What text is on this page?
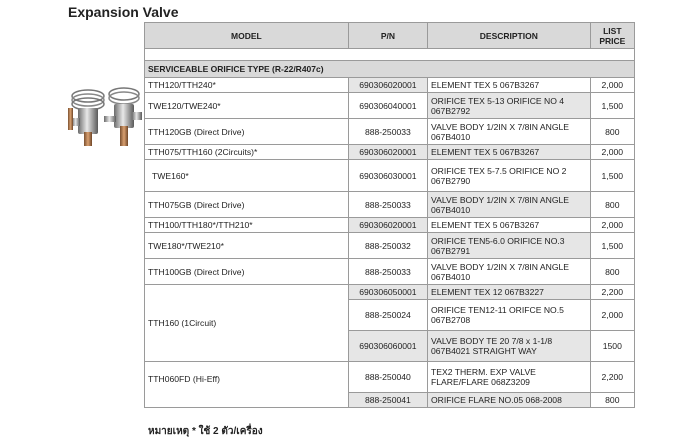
Expansion Valve
MODEL	P/N	DESCRIPTION	LIST PRICE

SERVICEABLE ORIFICE TYPE (R-22/R407c)			
TTH120/TTH240*	690306020001	ELEMENT TEX 5 067B3267	2,000
TWE120/TWE240*	690306040001	ORIFICE TEX 5-13 ORIFICE NO 4 067B2792	1,500
TTH120GB (Direct Drive)	888-250033	VALVE BODY 1/2IN X 7/8IN ANGLE 067B4010	800
TTH075/TTH160 (2Circuits)*	690306020001	ELEMENT TEX 5 067B3267	2,000
TWE160*	690306030001	ORIFICE TEX 5-7.5 ORIFICE NO 2 067B2790	1,500
TTH075GB (Direct Drive)	888-250033	VALVE BODY 1/2IN X 7/8IN ANGLE 067B4010	800
TTH100/TTH180*/TTH210*	690306020001	ELEMENT TEX 5 067B3267	2,000
TWE180*/TWE210*	888-250032	ORIFICE TEN5-6.0 ORIFICE NO.3 067B2791	1,500
TTH100GB (Direct Drive)	888-250033	VALVE BODY 1/2IN X 7/8IN ANGLE 067B4010	800
TTH160 (1Circuit)	690306050001	ELEMENT TEX 12 067B3227	2,200
	888-250024	ORIFICE TEN12-11 ORIFCE NO.5 067B2708	2,000
	690306060001	VALVE BODY TE 20 7/8 x 1-1/8 067B4021 STRAIGHT WAY	1500
TTH060FD (Hi-Eff)	888-250040	TEX2 THERM. EXP VALVE FLARE/FLARE 068Z3209	2,200
	888-250041	ORIFICE FLARE NO.05 068-2008	800
หมายเหตุ * ใช้ 2 ตัว/เครื่อง
